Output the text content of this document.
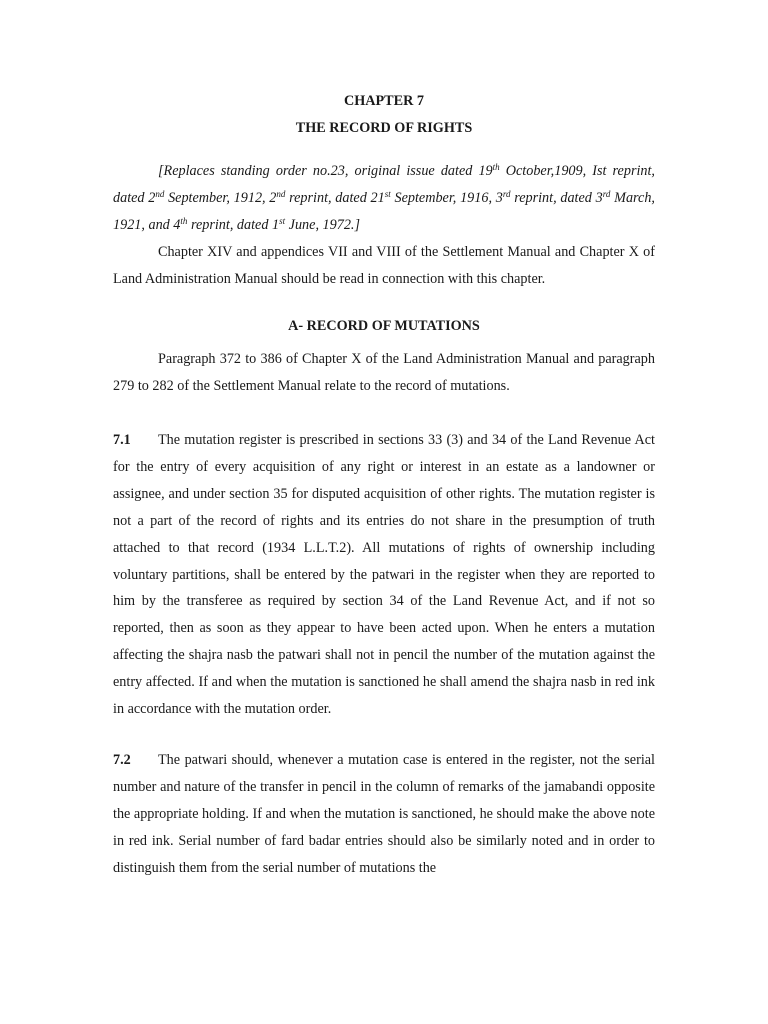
CHAPTER 7
THE RECORD OF RIGHTS

[Replaces standing order no.23, original issue dated 19th October,1909, Ist reprint, dated 2nd September, 1912, 2nd reprint, dated 21st September, 1916, 3rd reprint, dated 3rd March, 1921, and 4th reprint, dated 1st June, 1972.]

Chapter XIV and appendices VII and VIII of the Settlement Manual and Chapter X of Land Administration Manual should be read in connection with this chapter.

A- RECORD OF MUTATIONS

Paragraph 372 to 386 of Chapter X of the Land Administration Manual and paragraph 279 to 282 of the Settlement Manual relate to the record of mutations.

7.1 The mutation register is prescribed in sections 33 (3) and 34 of the Land Revenue Act for the entry of every acquisition of any right or interest in an estate as a landowner or assignee, and under section 35 for disputed acquisition of other rights. The mutation register is not a part of the record of rights and its entries do not share in the presumption of truth attached to that record (1934 L.L.T.2). All mutations of rights of ownership including voluntary partitions, shall be entered by the patwari in the register when they are reported to him by the transferee as required by section 34 of the Land Revenue Act, and if not so reported, then as soon as they appear to have been acted upon. When he enters a mutation affecting the shajra nasb the patwari shall not in pencil the number of the mutation against the entry affected. If and when the mutation is sanctioned he shall amend the shajra nasb in red ink in accordance with the mutation order.

7.2 The patwari should, whenever a mutation case is entered in the register, not the serial number and nature of the transfer in pencil in the column of remarks of the jamabandi opposite the appropriate holding. If and when the mutation is sanctioned, he should make the above note in red ink. Serial number of fard badar entries should also be similarly noted and in order to distinguish them from the serial number of mutations the
